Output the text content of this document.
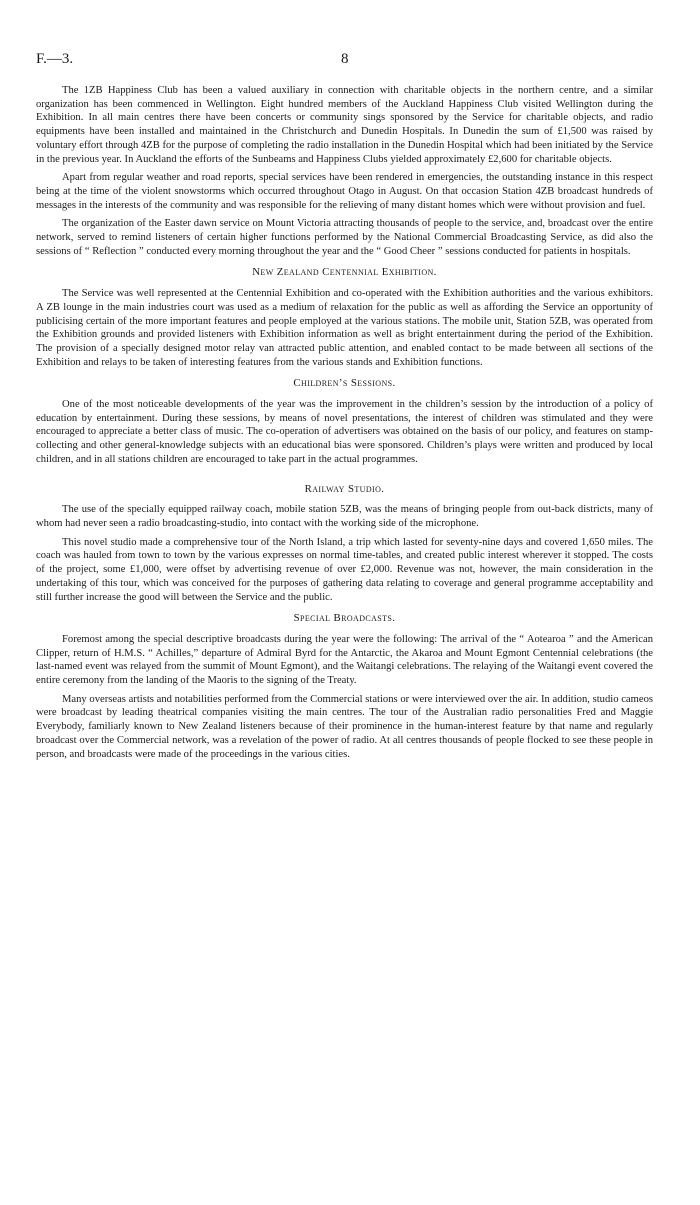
F.—3.	8

The 1ZB Happiness Club has been a valued auxiliary in connection with charitable objects in the northern centre, and a similar organization has been commenced in Wellington. Eight hundred members of the Auckland Happiness Club visited Wellington during the Exhibition. In all main centres there have been concerts or community sings sponsored by the Service for charitable objects, and radio equipments have been installed and maintained in the Christchurch and Dunedin Hospitals. In Dunedin the sum of £1,500 was raised by voluntary effort through 4ZB for the purpose of completing the radio installation in the Dunedin Hospital which had been initiated by the Service in the previous year. In Auckland the efforts of the Sunbeams and Happiness Clubs yielded approximately £2,600 for charitable objects.

Apart from regular weather and road reports, special services have been rendered in emergencies, the outstanding instance in this respect being at the time of the violent snowstorms which occurred throughout Otago in August. On that occasion Station 4ZB broadcast hundreds of messages in the interests of the community and was responsible for the relieving of many distant homes which were without provision and fuel.

The organization of the Easter dawn service on Mount Victoria attracting thousands of people to the service, and, broadcast over the entire network, served to remind listeners of certain higher functions performed by the National Commercial Broadcasting Service, as did also the sessions of “ Reflection ” conducted every morning throughout the year and the “ Good Cheer ” sessions conducted for patients in hospitals.

New Zealand Centennial Exhibition.

The Service was well represented at the Centennial Exhibition and co-operated with the Exhibition authorities and the various exhibitors. A ZB lounge in the main industries court was used as a medium of relaxation for the public as well as affording the Service an opportunity of publicising certain of the more important features and people employed at the various stations. The mobile unit, Station 5ZB, was operated from the Exhibition grounds and provided listeners with Exhibition information as well as bright entertainment during the period of the Exhibition. The provision of a specially designed motor relay van attracted public attention, and enabled contact to be made between all sections of the Exhibition and relays to be taken of interesting features from the various stands and Exhibition functions.

Children’s Sessions.

One of the most noticeable developments of the year was the improvement in the children’s session by the introduction of a policy of education by entertainment. During these sessions, by means of novel presentations, the interest of children was stimulated and they were encouraged to appreciate a better class of music. The co-operation of advertisers was obtained on the basis of our policy, and features on stamp-collecting and other general-knowledge subjects with an educational bias were sponsored. Children’s plays were written and produced by local children, and in all stations children are encouraged to take part in the actual programmes.

Railway Studio.

The use of the specially equipped railway coach, mobile station 5ZB, was the means of bringing people from out-back districts, many of whom had never seen a radio broadcasting-studio, into contact with the working side of the microphone.

This novel studio made a comprehensive tour of the North Island, a trip which lasted for seventy-nine days and covered 1,650 miles. The coach was hauled from town to town by the various expresses on normal time-tables, and created public interest wherever it stopped. The costs of the project, some £1,000, were offset by advertising revenue of over £2,000. Revenue was not, however, the main consideration in the undertaking of this tour, which was conceived for the purposes of gathering data relating to coverage and general programme acceptability and still further increase the good will between the Service and the public.

Special Broadcasts.

Foremost among the special descriptive broadcasts during the year were the following: The arrival of the “ Aotearoa ” and the American Clipper, return of H.M.S. “ Achilles,” departure of Admiral Byrd for the Antarctic, the Akaroa and Mount Egmont Centennial celebrations (the last-named event was relayed from the summit of Mount Egmont), and the Waitangi celebrations. The relaying of the Waitangi event covered the entire ceremony from the landing of the Maoris to the signing of the Treaty.

Many overseas artists and notabilities performed from the Commercial stations or were interviewed over the air. In addition, studio cameos were broadcast by leading theatrical companies visiting the main centres. The tour of the Australian radio personalities Fred and Maggie Everybody, familiarly known to New Zealand listeners because of their prominence in the human-interest feature by that name and regularly broadcast over the Commercial network, was a revelation of the power of radio. At all centres thousands of people flocked to see these people in person, and broadcasts were made of the proceedings in the various cities.
